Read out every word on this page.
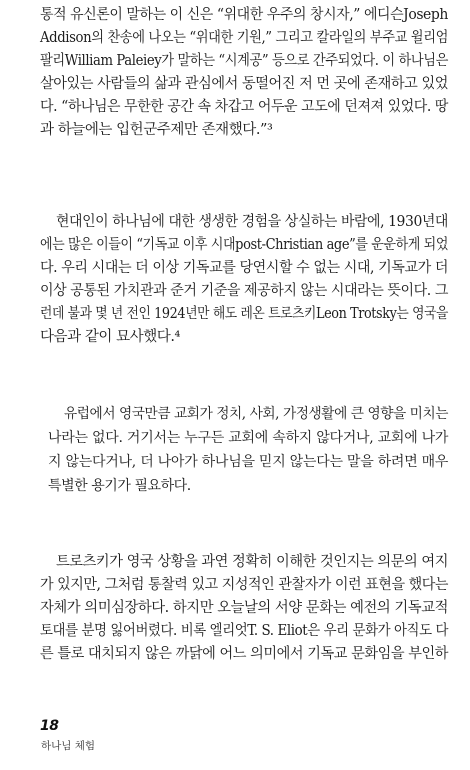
통적 유신론이 말하는 이 신은 “위대한 우주의 창시자,” 에디슨Joseph
Addison의 찬송에 나오는 “위대한 기원,” 그리고 칼라일의 부주교 윌리엄
팔리William Paleiey가 말하는 “시계공” 등으로 간주되었다. 이 하나님은
살아있는 사람들의 삶과 관심에서 동떨어진 저 먼 곳에 존재하고 있었
다. “하나님은 무한한 공간 속 차갑고 어두운 고도에 던져져 있었다. 땅
과 하늘에는 입헌군주제만 존재했다.”³
현대인이 하나님에 대한 생생한 경험을 상실하는 바람에, 1930년대
에는 많은 이들이 “기독교 이후 시대post-Christian age”를 운운하게 되었
다. 우리 시대는 더 이상 기독교를 당연시할 수 없는 시대, 기독교가 더
이상 공통된 가치관과 준거 기준을 제공하지 않는 시대라는 뜻이다. 그
런데 불과 몇 년 전인 1924년만 해도 레온 트로츠키Leon Trotsky는 영국을
다음과 같이 묘사했다.⁴
유럽에서 영국만큼 교회가 정치, 사회, 가정생활에 큰 영향을 미치는
나라는 없다. 거기서는 누구든 교회에 속하지 않다거나, 교회에 나가
지 않는다거나, 더 나아가 하나님을 믿지 않는다는 말을 하려면 매우
특별한 용기가 필요하다.
트로츠키가 영국 상황을 과연 정확히 이해한 것인지는 의문의 여지
가 있지만, 그처럼 통찰력 있고 지성적인 관찰자가 이런 표현을 했다는
자체가 의미심장하다. 하지만 오늘날의 서양 문화는 예전의 기독교적
토대를 분명 잃어버렸다. 비록 엘리엇T. S. Eliot은 우리 문화가 아직도 다
른 틀로 대치되지 않은 까닭에 어느 의미에서 기독교 문화임을 부인하
18
하나님 체험
